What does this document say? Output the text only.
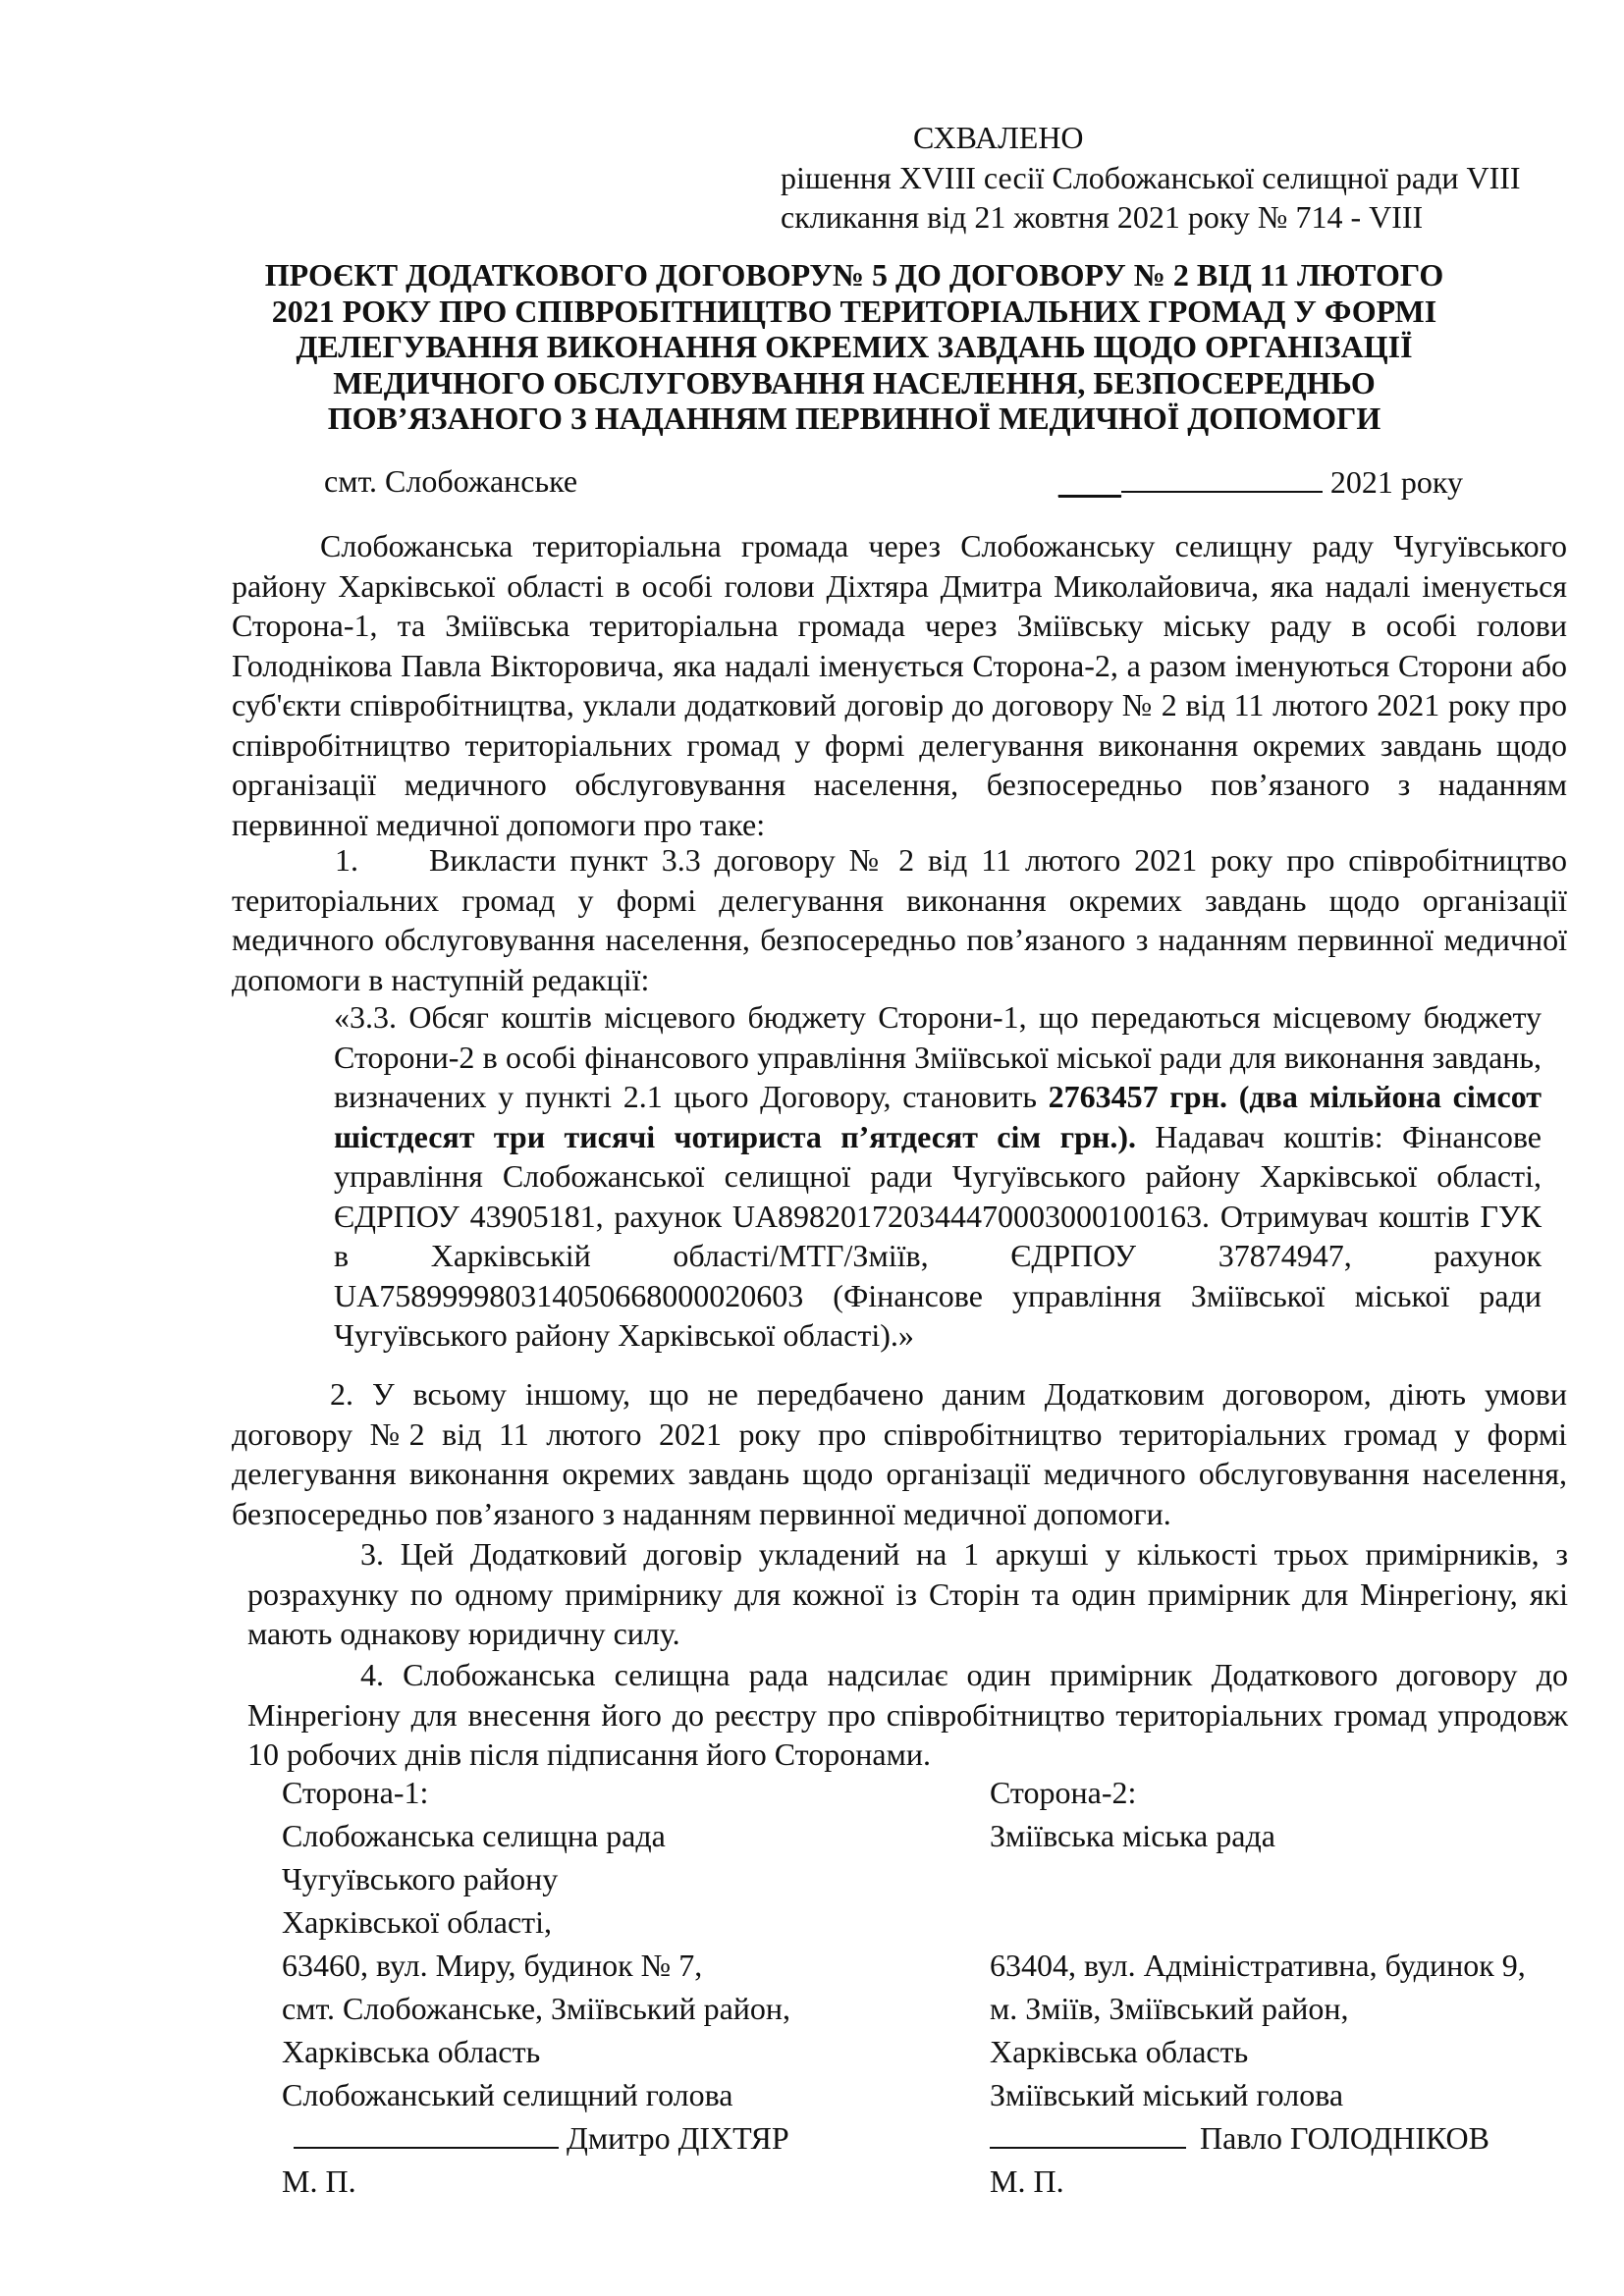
СХВАЛЕНО
рішення XVIII сесії Слобожанської селищної ради VIII
скликання від 21 жовтня 2021 року № 714 - VIII
ПРОЄКТ ДОДАТКОВОГО ДОГОВОРУ№ 5 ДО ДОГОВОРУ № 2 ВІД 11 ЛЮТОГО
2021 РОКУ ПРО СПІВРОБІТНИЦТВО ТЕРИТОРІАЛЬНИХ ГРОМАД У ФОРМІ
ДЕЛЕГУВАННЯ ВИКОНАННЯ ОКРЕМИХ ЗАВДАНЬ ЩОДО ОРГАНІЗАЦІЇ
МЕДИЧНОГО ОБСЛУГОВУВАННЯ НАСЕЛЕННЯ, БЕЗПОСЕРЕДНЬО
ПОВ’ЯЗАНОГО З НАДАННЯМ ПЕРВИННОЇ МЕДИЧНОЇ ДОПОМОГИ
смт. Слобожанське	____	2021 року
Слобожанська територіальна громада через Слобожанську селищну раду Чугуївського району Харківської області в особі голови Діхтяра Дмитра Миколайовича, яка надалі іменується Сторона-1, та Зміївська територіальна громада через Зміївську міську раду в особі голови Голоднікова Павла Вікторовича, яка надалі іменується Сторона-2, а разом іменуються Сторони або суб'єкти співробітництва, уклали додатковий договір до договору № 2 від 11 лютого 2021 року про співробітництво територіальних громад у формі делегування виконання окремих завдань щодо організації медичного обслуговування населення, безпосередньо пов’язаного з наданням первинної медичної допомоги про таке:
1. Викласти пункт 3.3 договору № 2 від 11 лютого 2021 року про співробітництво територіальних громад у формі делегування виконання окремих завдань щодо організації медичного обслуговування населення, безпосередньо пов’язаного з наданням первинної медичної допомоги в наступній редакції:
«3.3. Обсяг коштів місцевого бюджету Сторони-1, що передаються місцевому бюджету Сторони-2 в особі фінансового управління Зміївської міської ради для виконання завдань, визначених у пункті 2.1 цього Договору, становить 2763457 грн. (два мільйона сімсот шістдесят три тисячі чотириста п’ятдесят сім грн.). Надавач коштів: Фінансове управління Слобожанської селищної ради Чугуївського району Харківської області, ЄДРПОУ 43905181, рахунок UA898201720344470003000100163. Отримувач коштів ГУК в Харківській області/МТГ/Зміїв, ЄДРПОУ 37874947, рахунок UA758999980314050668000020603 (Фінансове управління Зміївської міської ради Чугуївського району Харківської області).»
2. У всьому іншому, що не передбачено даним Додатковим договором, діють умови договору №2 від 11 лютого 2021 року про співробітництво територіальних громад у формі делегування виконання окремих завдань щодо організації медичного обслуговування населення, безпосередньо пов’язаного з наданням первинної медичної допомоги.
3. Цей Додатковий договір укладений на 1 аркуші у кількості трьох примірників, з розрахунку по одному примірнику для кожної із Сторін та один примірник для Мінрегіону, які мають однакову юридичну силу.
4. Слобожанська селищна рада надсилає один примірник Додаткового договору до Мінрегіону для внесення його до реєстру про співробітництво територіальних громад упродовж 10 робочих днів після підписання його Сторонами.
Сторона-1:
Слобожанська селищна рада
Чугуївського району
Харківської області,
63460, вул. Миру, будинок № 7,
смт. Слобожанське, Зміївський район,
Харківська область
Слобожанський селищний голова
Дмитро ДІХТЯР
М. П.
Сторона-2:
Зміївська міська рада

63404, вул. Адміністративна, будинок 9,
м. Зміїв, Зміївський район,
Харківська область
Зміївський міський голова
Павло ГОЛОДНІКОВ
М. П.
